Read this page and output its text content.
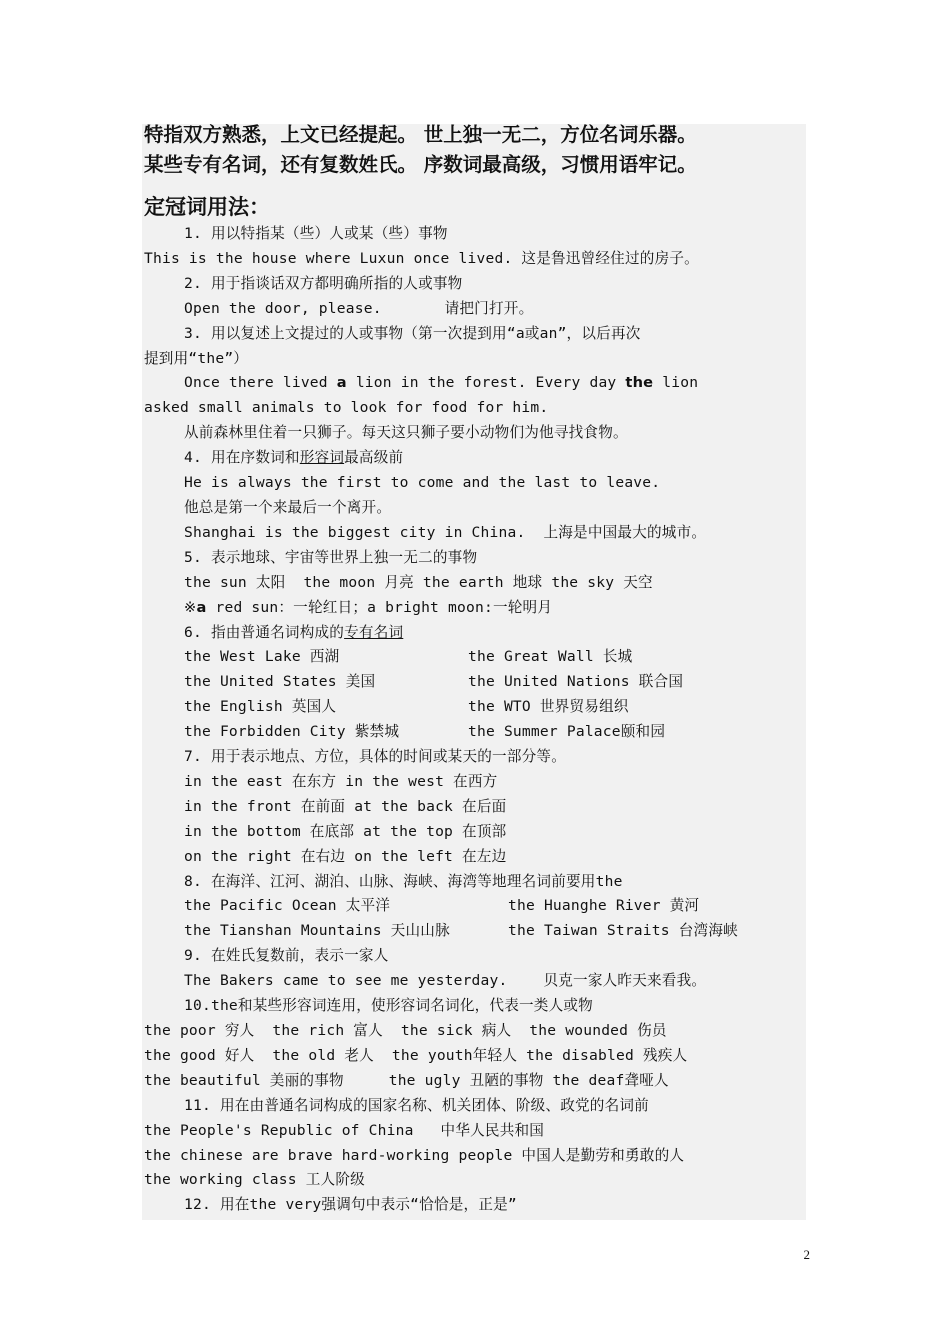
特指双方熟悉，上文已经提起。 世上独一无二，方位名词乐器。
某些专有名词，还有复数姓氏。 序数词最高级，习惯用语牢记。
定冠词用法：
1. 用以特指某（些）人或某（些）事物
This is the house where Luxun once lived. 这是鲁迅曾经住过的房子。
2. 用于指谈话双方都明确所指的人或事物
Open the door, please.       请把门打开。
3. 用以复述上文提过的人或事物（第一次提到用“a或an”，以后再次
提到用“the”）
Once there lived a lion in the forest. Every day the lion
asked small animals to look for food for him.
从前森林里住着一只狮子。每天这只狮子要小动物们为他寻找食物。
4. 用在序数词和形容词最高级前
He is always the first to come and the last to leave.
他总是第一个来最后一个离开。
Shanghai is the biggest city in China.  上海是中国最大的城市。
5. 表示地球、宇宙等世界上独一无二的事物
the sun 太阳  the moon 月亮 the earth 地球 the sky 天空
※a red sun：一轮红日；a bright moon:一轮明月
6. 指由普通名词构成的专有名词
the West Lake 西湖	the Great Wall 长城
the United States 美国	the United Nations 联合国
the English 英国人	the WTO 世界贸易组织
the Forbidden City 紫禁城	the Summer Palace颐和园
7. 用于表示地点、方位，具体的时间或某天的一部分等。
in the east 在东方 in the west 在西方
in the front 在前面 at the back 在后面
in the bottom 在底部 at the top 在顶部
on the right 在右边 on the left 在左边
8. 在海洋、江河、湖泊、山脉、海峡、海湾等地理名词前要用the
the Pacific Ocean 太平洋	the Huanghe River 黄河
the Tianshan Mountains 天山山脉	the Taiwan Straits 台湾海峡
9. 在姓氏复数前，表示一家人
The Bakers came to see me yesterday.    贝克一家人昨天来看我。
10.the和某些形容词连用，使形容词名词化，代表一类人或物
the poor 穷人  the rich 富人  the sick 病人  the wounded 伤员
the good 好人  the old 老人  the youth年轻人 the disabled 残疾人
the beautiful 美丽的事物     the ugly 丑陋的事物 the deaf聋哑人
11. 用在由普通名词构成的国家名称、机关团体、阶级、政党的名词前
the People's Republic of China   中华人民共和国
the chinese are brave hard-working people 中国人是勤劳和勇敢的人
the working class 工人阶级
12. 用在the very强调句中表示“恰恰是，正是”
2
